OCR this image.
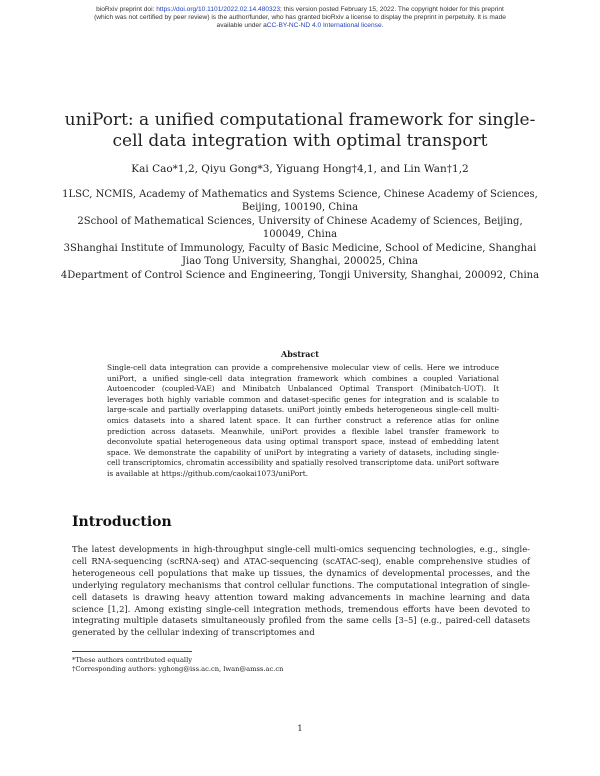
bioRxiv preprint doi: https://doi.org/10.1101/2022.02.14.480323; this version posted February 15, 2022. The copyright holder for this preprint
(which was not certified by peer review) is the author/funder, who has granted bioRxiv a license to display the preprint in perpetuity. It is made
available under aCC-BY-NC-ND 4.0 International license.
uniPort: a unified computational framework for single-cell data integration with optimal transport
Kai Cao*1,2, Qiyu Gong*3, Yiguang Hong†4,1, and Lin Wan†1,2
1LSC, NCMIS, Academy of Mathematics and Systems Science, Chinese Academy of Sciences, Beijing, 100190, China
2School of Mathematical Sciences, University of Chinese Academy of Sciences, Beijing, 100049, China
3Shanghai Institute of Immunology, Faculty of Basic Medicine, School of Medicine, Shanghai Jiao Tong University, Shanghai, 200025, China
4Department of Control Science and Engineering, Tongji University, Shanghai, 200092, China
Abstract
Single-cell data integration can provide a comprehensive molecular view of cells. Here we introduce uniPort, a unified single-cell data integration framework which combines a coupled Variational Autoencoder (coupled-VAE) and Minibatch Unbalanced Optimal Transport (Minibatch-UOT). It leverages both highly variable common and dataset-specific genes for integration and is scalable to large-scale and partially overlapping datasets. uniPort jointly embeds heterogeneous single-cell multi-omics datasets into a shared latent space. It can further construct a reference atlas for online prediction across datasets. Meanwhile, uniPort provides a flexible label transfer framework to deconvolute spatial heterogeneous data using optimal transport space, instead of embedding latent space. We demonstrate the capability of uniPort by integrating a variety of datasets, including single-cell transcriptomics, chromatin accessibility and spatially resolved transcriptome data. uniPort software is available at https://github.com/caokai1073/uniPort.
Introduction
The latest developments in high-throughput single-cell multi-omics sequencing technologies, e.g., single-cell RNA-sequencing (scRNA-seq) and ATAC-sequencing (scATAC-seq), enable comprehensive studies of heterogeneous cell populations that make up tissues, the dynamics of developmental processes, and the underlying regulatory mechanisms that control cellular functions. The computational integration of single-cell datasets is drawing heavy attention toward making advancements in machine learning and data science [1,2]. Among existing single-cell integration methods, tremendous efforts have been devoted to integrating multiple datasets simultaneously profiled from the same cells [3–5] (e.g., paired-cell datasets generated by the cellular indexing of transcriptomes and
*These authors contributed equally
†Corresponding authors: yghong@iss.ac.cn, lwan@amss.ac.cn
1
